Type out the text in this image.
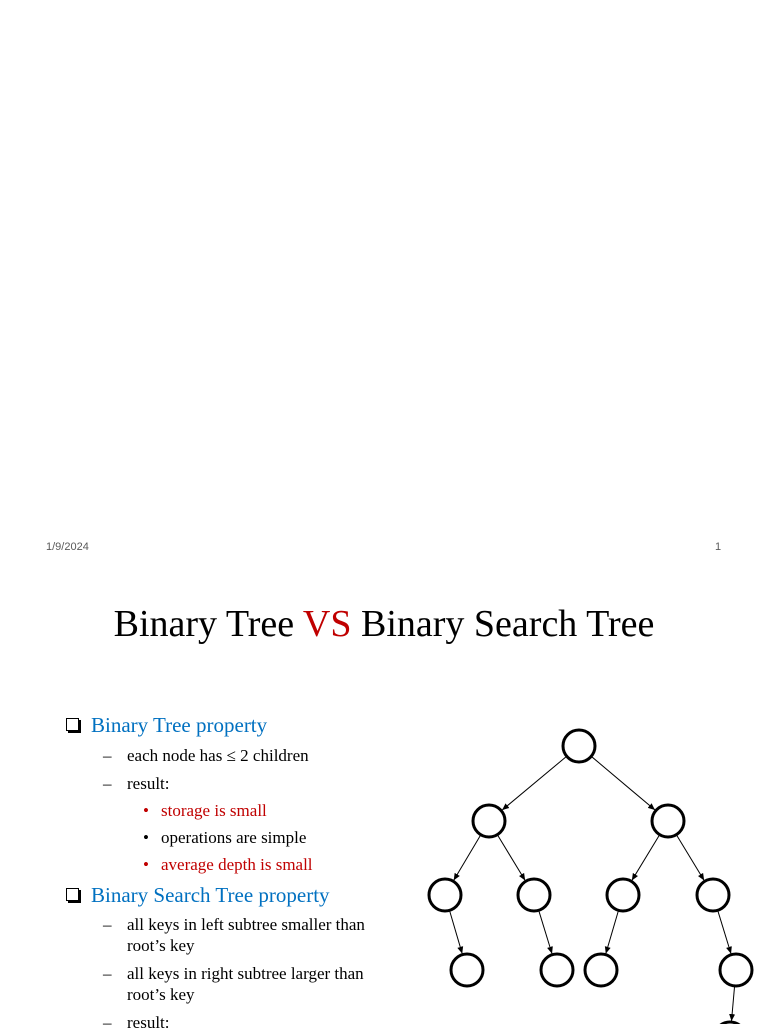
1/9/2024	1
Binary Tree VS Binary Search Tree
Binary Tree property
– each node has ≤ 2 children
– result:
• storage is small
• operations are simple
• average depth is small
Binary Search Tree property
– all keys in left subtree smaller than root’s key
– all keys in right subtree larger than root’s key
– result:
